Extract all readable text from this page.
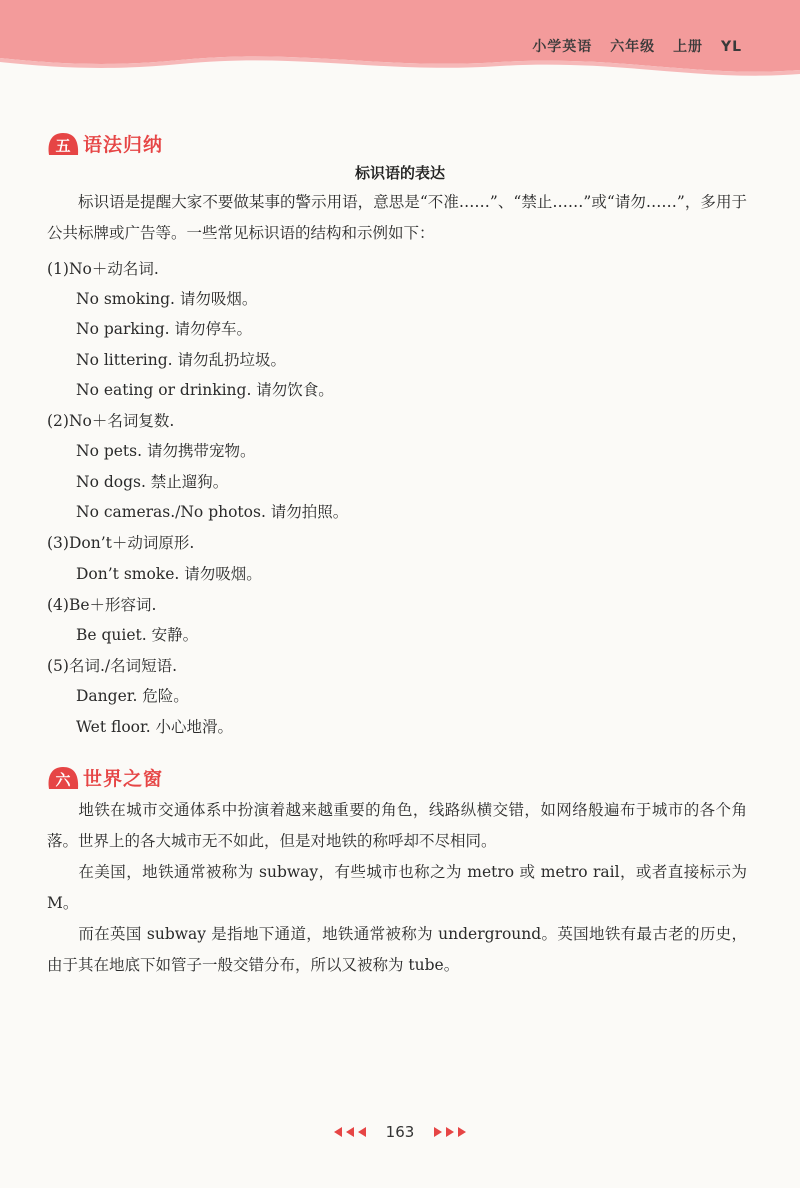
小学英语 六年级 上册 YL
五 语法归纳
标识语的表达
标识语是提醒大家不要做某事的警示用语，意思是“不准……”、“禁止……”或“请勿……”，多用于公共标牌或广告等。一些常见标识语的结构和示例如下：
(1)No＋动名词.
No smoking. 请勿吸烟。
No parking. 请勿停车。
No littering. 请勿乱扔垃圾。
No eating or drinking. 请勿饮食。
(2)No＋名词复数.
No pets. 请勿携带宠物。
No dogs. 禁止遛狗。
No cameras./No photos. 请勿拍照。
(3)Don’t＋动词原形.
Don’t smoke. 请勿吸烟。
(4)Be＋形容词.
Be quiet. 安静。
(5)名词./名词短语.
Danger. 危险。
Wet floor. 小心地滑。
六 世界之窗
地铁在城市交通体系中扮演着越来越重要的角色，线路纵横交错，如网络般遍布于城市的各个角落。世界上的各大城市无不如此，但是对地铁的称呼却不尽相同。
在美国，地铁通常被称为 subway，有些城市也称之为 metro 或 metro rail，或者直接标示为 M。
而在英国 subway 是指地下通道，地铁通常被称为 underground。英国地铁有最古老的历史，由于其在地底下如管子一般交错分布，所以又被称为 tube。
163
